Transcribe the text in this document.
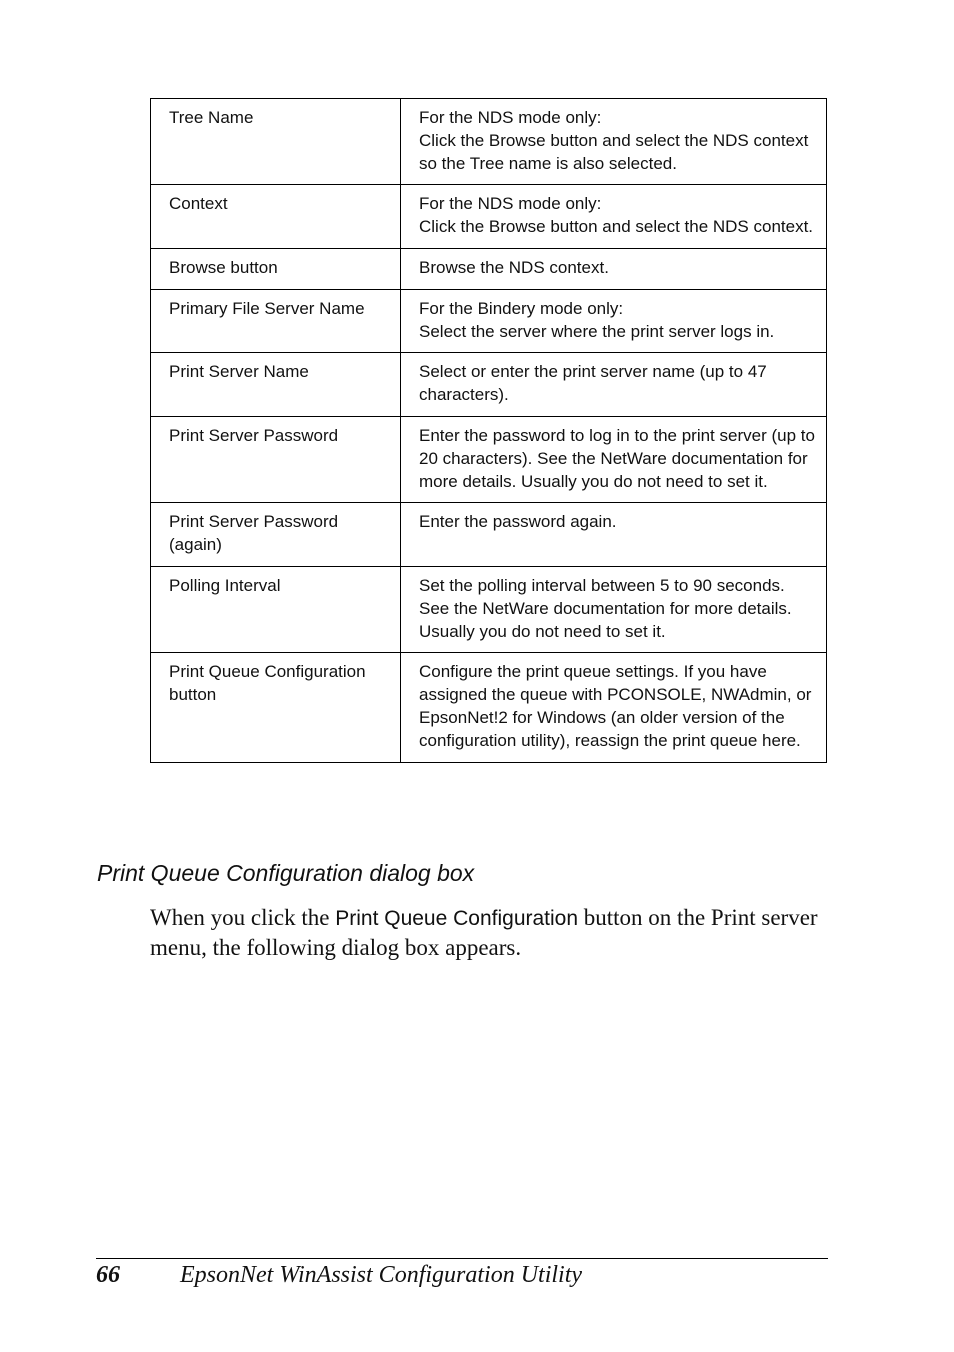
Tree Name	For the NDS mode only:
Click the Browse button and select the NDS context so the Tree name is also selected.
Context	For the NDS mode only:
Click the Browse button and select the NDS context.
Browse button	Browse the NDS context.
Primary File Server Name	For the Bindery mode only:
Select the server where the print server logs in.
Print Server Name	Select or enter the print server name (up to 47 characters).
Print Server Password	Enter the password to log in to the print server (up to 20 characters). See the NetWare documentation for more details. Usually you do not need to set it.
Print Server Password (again)	Enter the password again.
Polling Interval	Set the polling interval between 5 to 90 seconds. See the NetWare documentation for more details. Usually you do not need to set it.
Print Queue Configuration button	Configure the print queue settings. If you have assigned the queue with PCONSOLE, NWAdmin, or EpsonNet!2 for Windows (an older version of the configuration utility), reassign the print queue here.
Print Queue Configuration dialog box

When you click the Print Queue Configuration button on the Print server menu, the following dialog box appears.

66	EpsonNet WinAssist Configuration Utility
